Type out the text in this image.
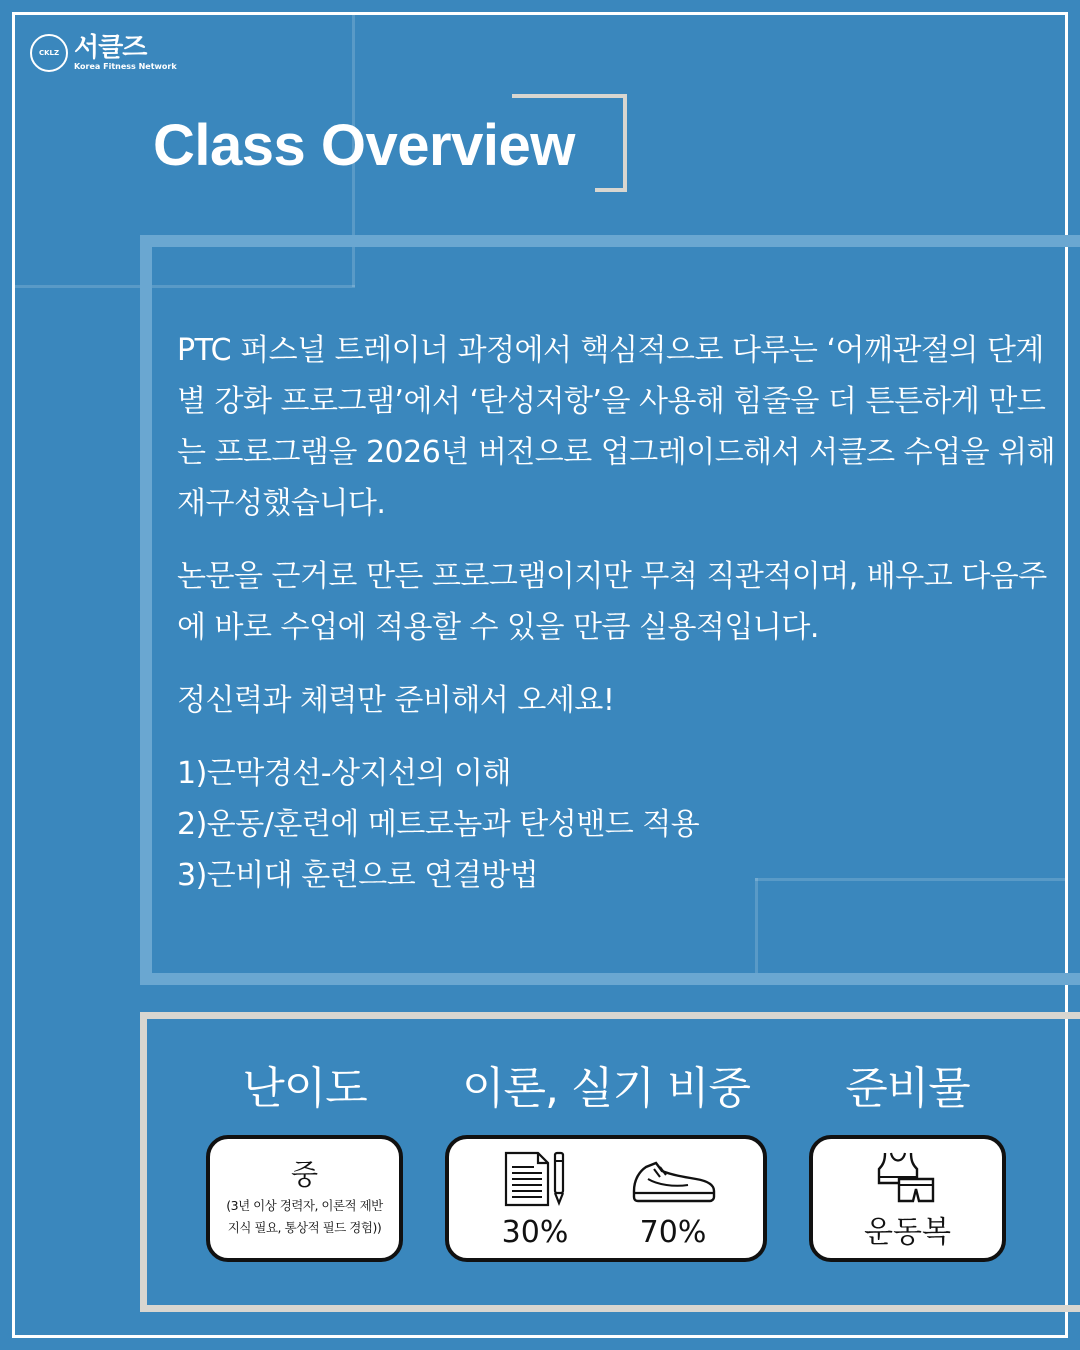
CKLZ 서클즈
Korea Fitness Network
Class Overview

PTC 퍼스널 트레이너 과정에서 핵심적으로 다루는 ‘어깨관절의 단계별 강화 프로그램’에서 ‘탄성저항’을 사용해 힘줄을 더 튼튼하게 만드는 프로그램을 2026년 버전으로 업그레이드해서 서클즈 수업을 위해 재구성했습니다.

논문을 근거로 만든 프로그램이지만 무척 직관적이며, 배우고 다음주에 바로 수업에 적용할 수 있을 만큼 실용적입니다.

정신력과 체력만 준비해서 오세요!

1)근막경선-상지선의 이해

2)운동/훈련에 메트로놈과 탄성밴드 적용

3)근비대 훈련으로 연결방법

난이도	이론, 실기 비중	준비물
중
(3년 이상 경력자, 이론적 제반
지식 필요, 통상적 필드 경험))	30%	70%	운동복
